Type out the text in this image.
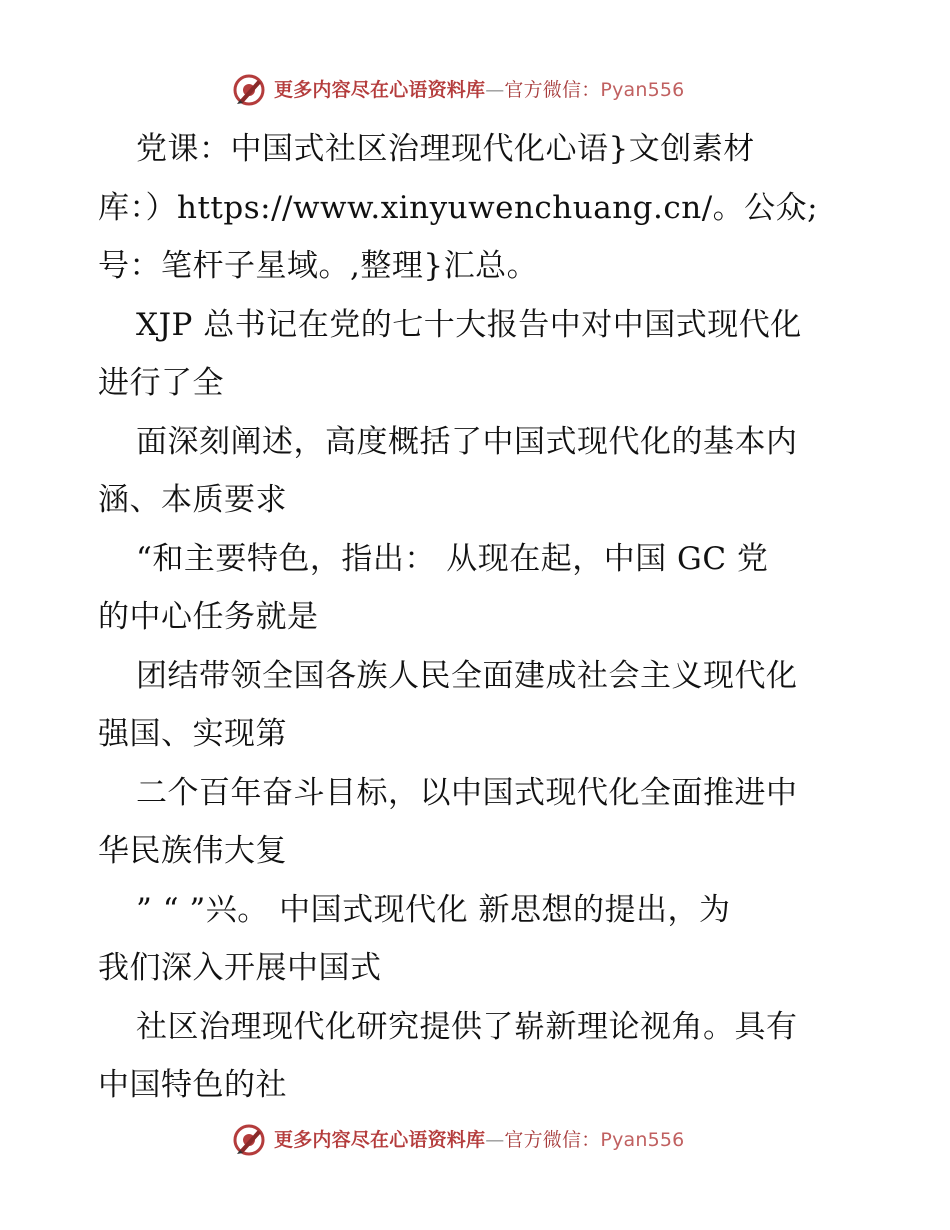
更多内容尽在心语资料库—官方微信：Pyan556
党课：中国式社区治理现代化心语}文创素材
库：）https://www.xinyuwenchuang.cn/。公众;
号：笔杆子星域。,整理}汇总。
XJP 总书记在党的七十大报告中对中国式现代化
进行了全
面深刻阐述，高度概括了中国式现代化的基本内
涵、本质要求
“和主要特色，指出： 从现在起，中国 GC 党
的中心任务就是
团结带领全国各族人民全面建成社会主义现代化
强国、实现第
二个百年奋斗目标，以中国式现代化全面推进中
华民族伟大复
” “ ”兴。 中国式现代化 新思想的提出，为
我们深入开展中国式
社区治理现代化研究提供了崭新理论视角。具有
中国特色的社
更多内容尽在心语资料库—官方微信：Pyan556
